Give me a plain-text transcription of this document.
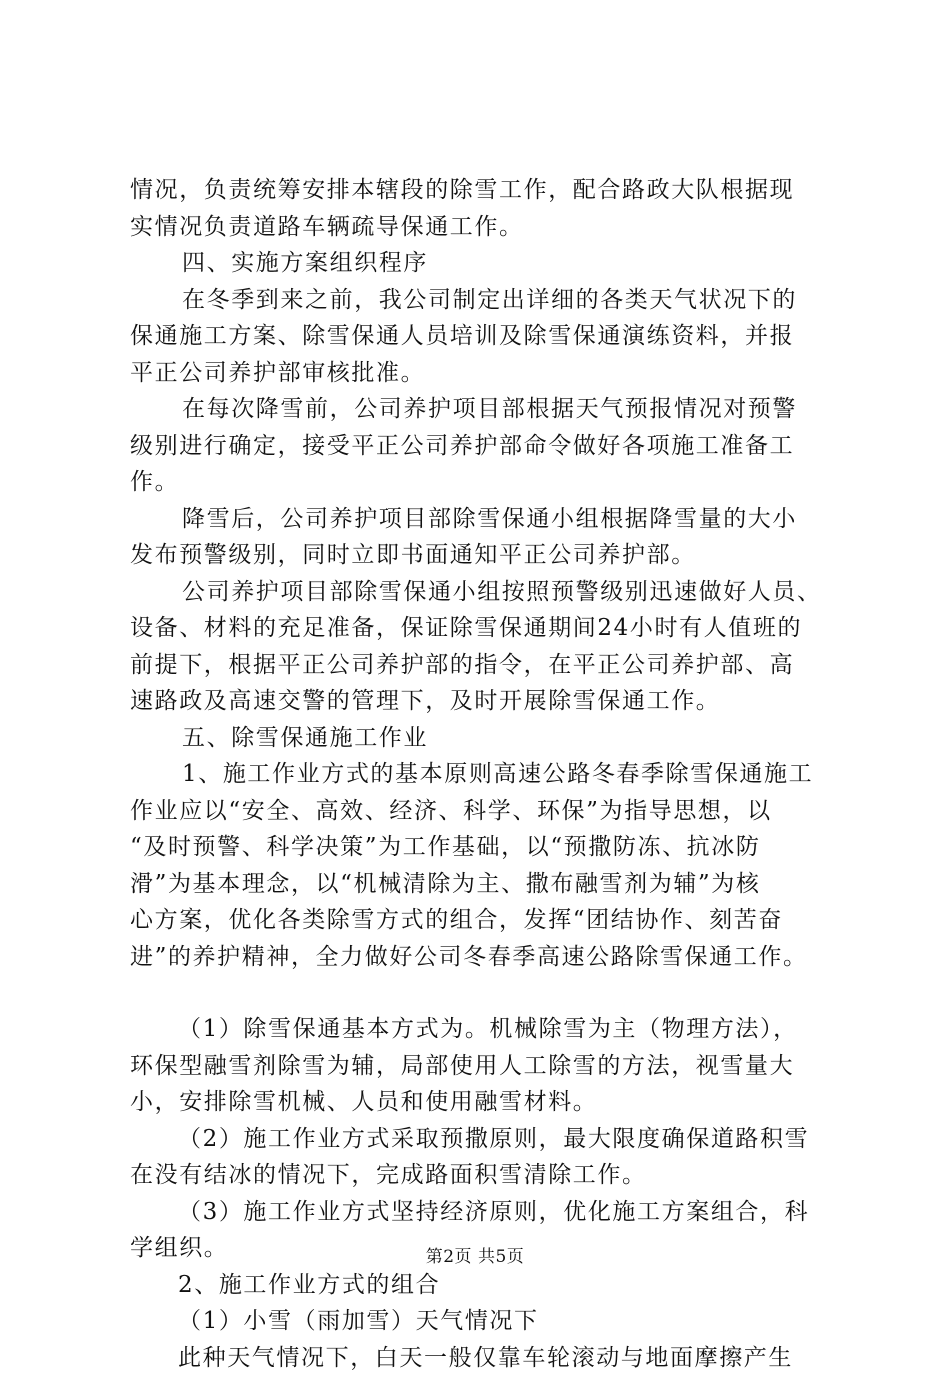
情况，负责统筹安排本辖段的除雪工作，配合路政大队根据现
实情况负责道路车辆疏导保通工作。
四、实施方案组织程序
在冬季到来之前，我公司制定出详细的各类天气状况下的
保通施工方案、除雪保通人员培训及除雪保通演练资料，并报
平正公司养护部审核批准。
在每次降雪前，公司养护项目部根据天气预报情况对预警
级别进行确定，接受平正公司养护部命令做好各项施工准备工
作。
降雪后，公司养护项目部除雪保通小组根据降雪量的大小
发布预警级别，同时立即书面通知平正公司养护部。
公司养护项目部除雪保通小组按照预警级别迅速做好人员、
设备、材料的充足准备，保证除雪保通期间24小时有人值班的
前提下，根据平正公司养护部的指令，在平正公司养护部、高
速路政及高速交警的管理下，及时开展除雪保通工作。
五、除雪保通施工作业
1、施工作业方式的基本原则高速公路冬春季除雪保通施工
作业应以“安全、高效、经济、科学、环保”为指导思想，以
“及时预警、科学决策”为工作基础，以“预撒防冻、抗冰防
滑”为基本理念，以“机械清除为主、撒布融雪剂为辅”为核
心方案，优化各类除雪方式的组合，发挥“团结协作、刻苦奋
进”的养护精神，全力做好公司冬春季高速公路除雪保通工作。
（1）除雪保通基本方式为。机械除雪为主（物理方法），
环保型融雪剂除雪为辅，局部使用人工除雪的方法，视雪量大
小，安排除雪机械、人员和使用融雪材料。
（2）施工作业方式采取预撒原则，最大限度确保道路积雪
在没有结冰的情况下，完成路面积雪清除工作。
（3）施工作业方式坚持经济原则，优化施工方案组合，科
学组织。
2、施工作业方式的组合
（1）小雪（雨加雪）天气情况下
此种天气情况下，白天一般仅靠车轮滚动与地面摩擦产生
第2页 共5页
